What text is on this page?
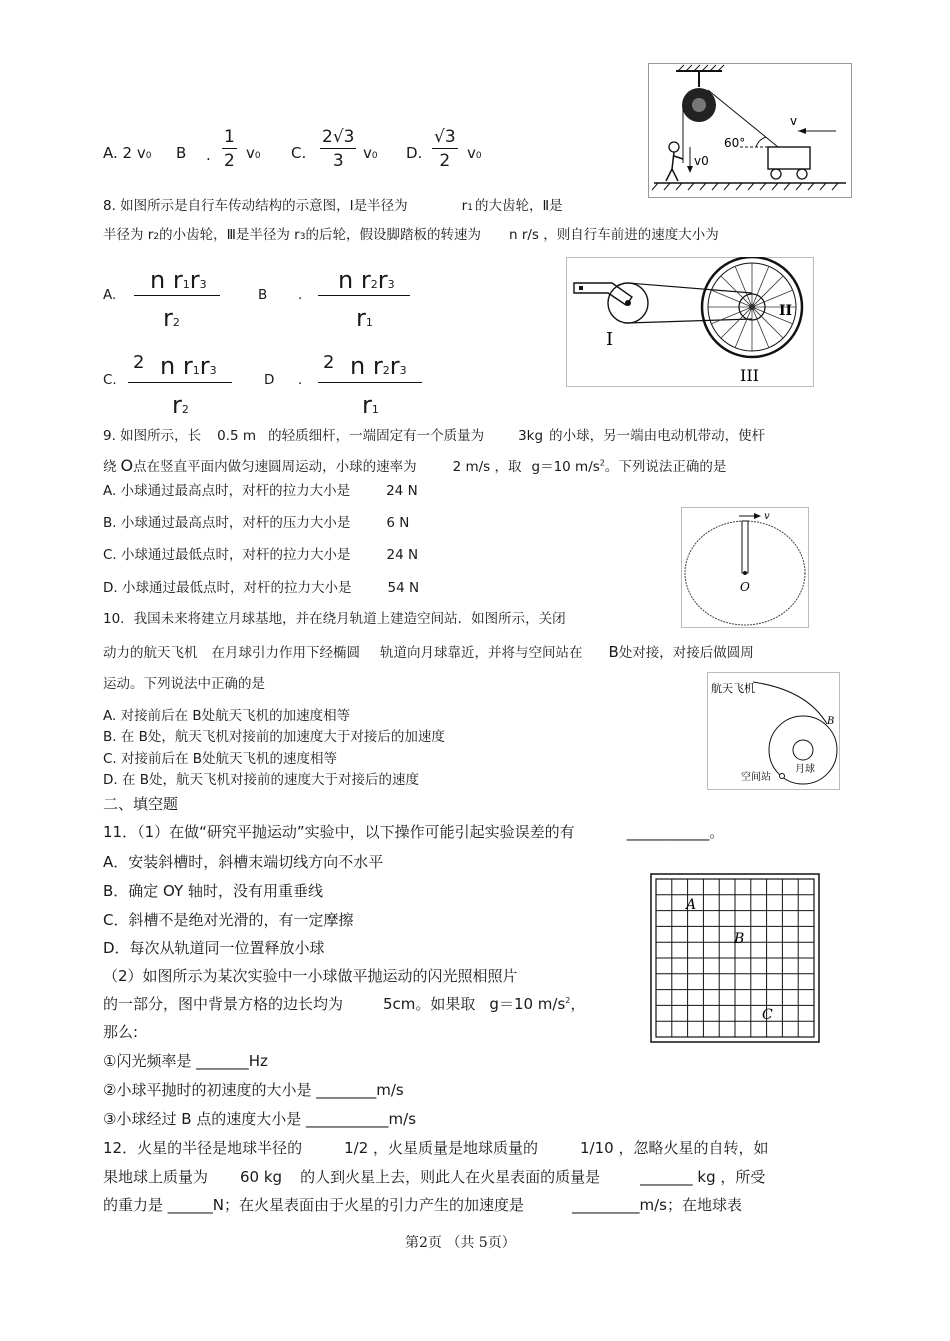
A. 2 v0 B . $\frac{1}{2} v0$ C. $\frac{2√3}{3} v0$ D. $\frac{√3}{2} v0$
60°
v
v0
8. 如图所示是自行车传动结构的示意图，Ⅰ是半径为	r1 的大齿轮，Ⅱ是
半径为 r2的小齿轮，Ⅲ是半径为 r3的后轮，假设脚踏板的转速为 n r/s ，则自行车前进的速度大小为
A.
n r1r3
r2
B .
n r2r3
r1
C.
2 n r1r3
r2
D .
2 n r2r3
r1
I
II
III
9. 如图所示，长 0.5 m 的轻质细杆，一端固定有一个质量为	3kg 的小球，另一端由电动机带动，使杆
绕 O点在竖直平面内做匀速圆周运动，小球的速率为	2 m/s ，取 g＝10 $m/s^2$。下列说法正确的是
A. 小球通过最高点时，对杆的拉力大小是	24 N
B. 小球通过最高点时，对杆的压力大小是	6 N
C. 小球通过最低点时，对杆的拉力大小是	24 N
D. 小球通过最低点时，对杆的拉力大小是	54 N
v
O
10．我国未来将建立月球基地，并在绕月轨道上建造空间站．如图所示，关闭
动力的航天飞机 在月球引力作用下经椭圆 轨道向月球靠近，并将与空间站在 B处对接，对接后做圆周
运动。下列说法中正确的是
A. 对接前后在 B处航天飞机的加速度相等
B. 在 B处，航天飞机对接前的加速度大于对接后的加速度
C. 对接前后在 B处航天飞机的速度相等
D. 在 B处，航天飞机对接前的速度大于对接后的速度
航天飞机
B
月球
空间站
二、填空题
11．（1）在做“研究平抛运动”实验中，以下操作可能引起实验误差的有	___________。
A．安装斜槽时，斜槽末端切线方向不水平
B．确定 OY 轴时，没有用重垂线
C．斜槽不是绝对光滑的，有一定摩擦
D．每次从轨道同一位置释放小球
（2）如图所示为某次实验中一小球做平抛运动的闪光照相照片
的一部分，图中背景方格的边长均为	5cm。如果取 g＝10 $m/s^2$，
那么:
①闪光频率是 _______Hz
②小球平抛时的初速度的大小是 ________m/s
③小球经过 B 点的速度大小是 ___________m/s
A
B
C
12．火星的半径是地球半径的	1/2 ，火星质量是地球质量的	1/10 ，忽略火星的自转，如
果地球上质量为 60 kg 的人到火星上去，则此人在火星表面的质量是	_______ kg ，所受
的重力是 ______N；在火星表面由于火星的引力产生的加速度是	_________m/s；在地球表
第2页 （共 5页）
